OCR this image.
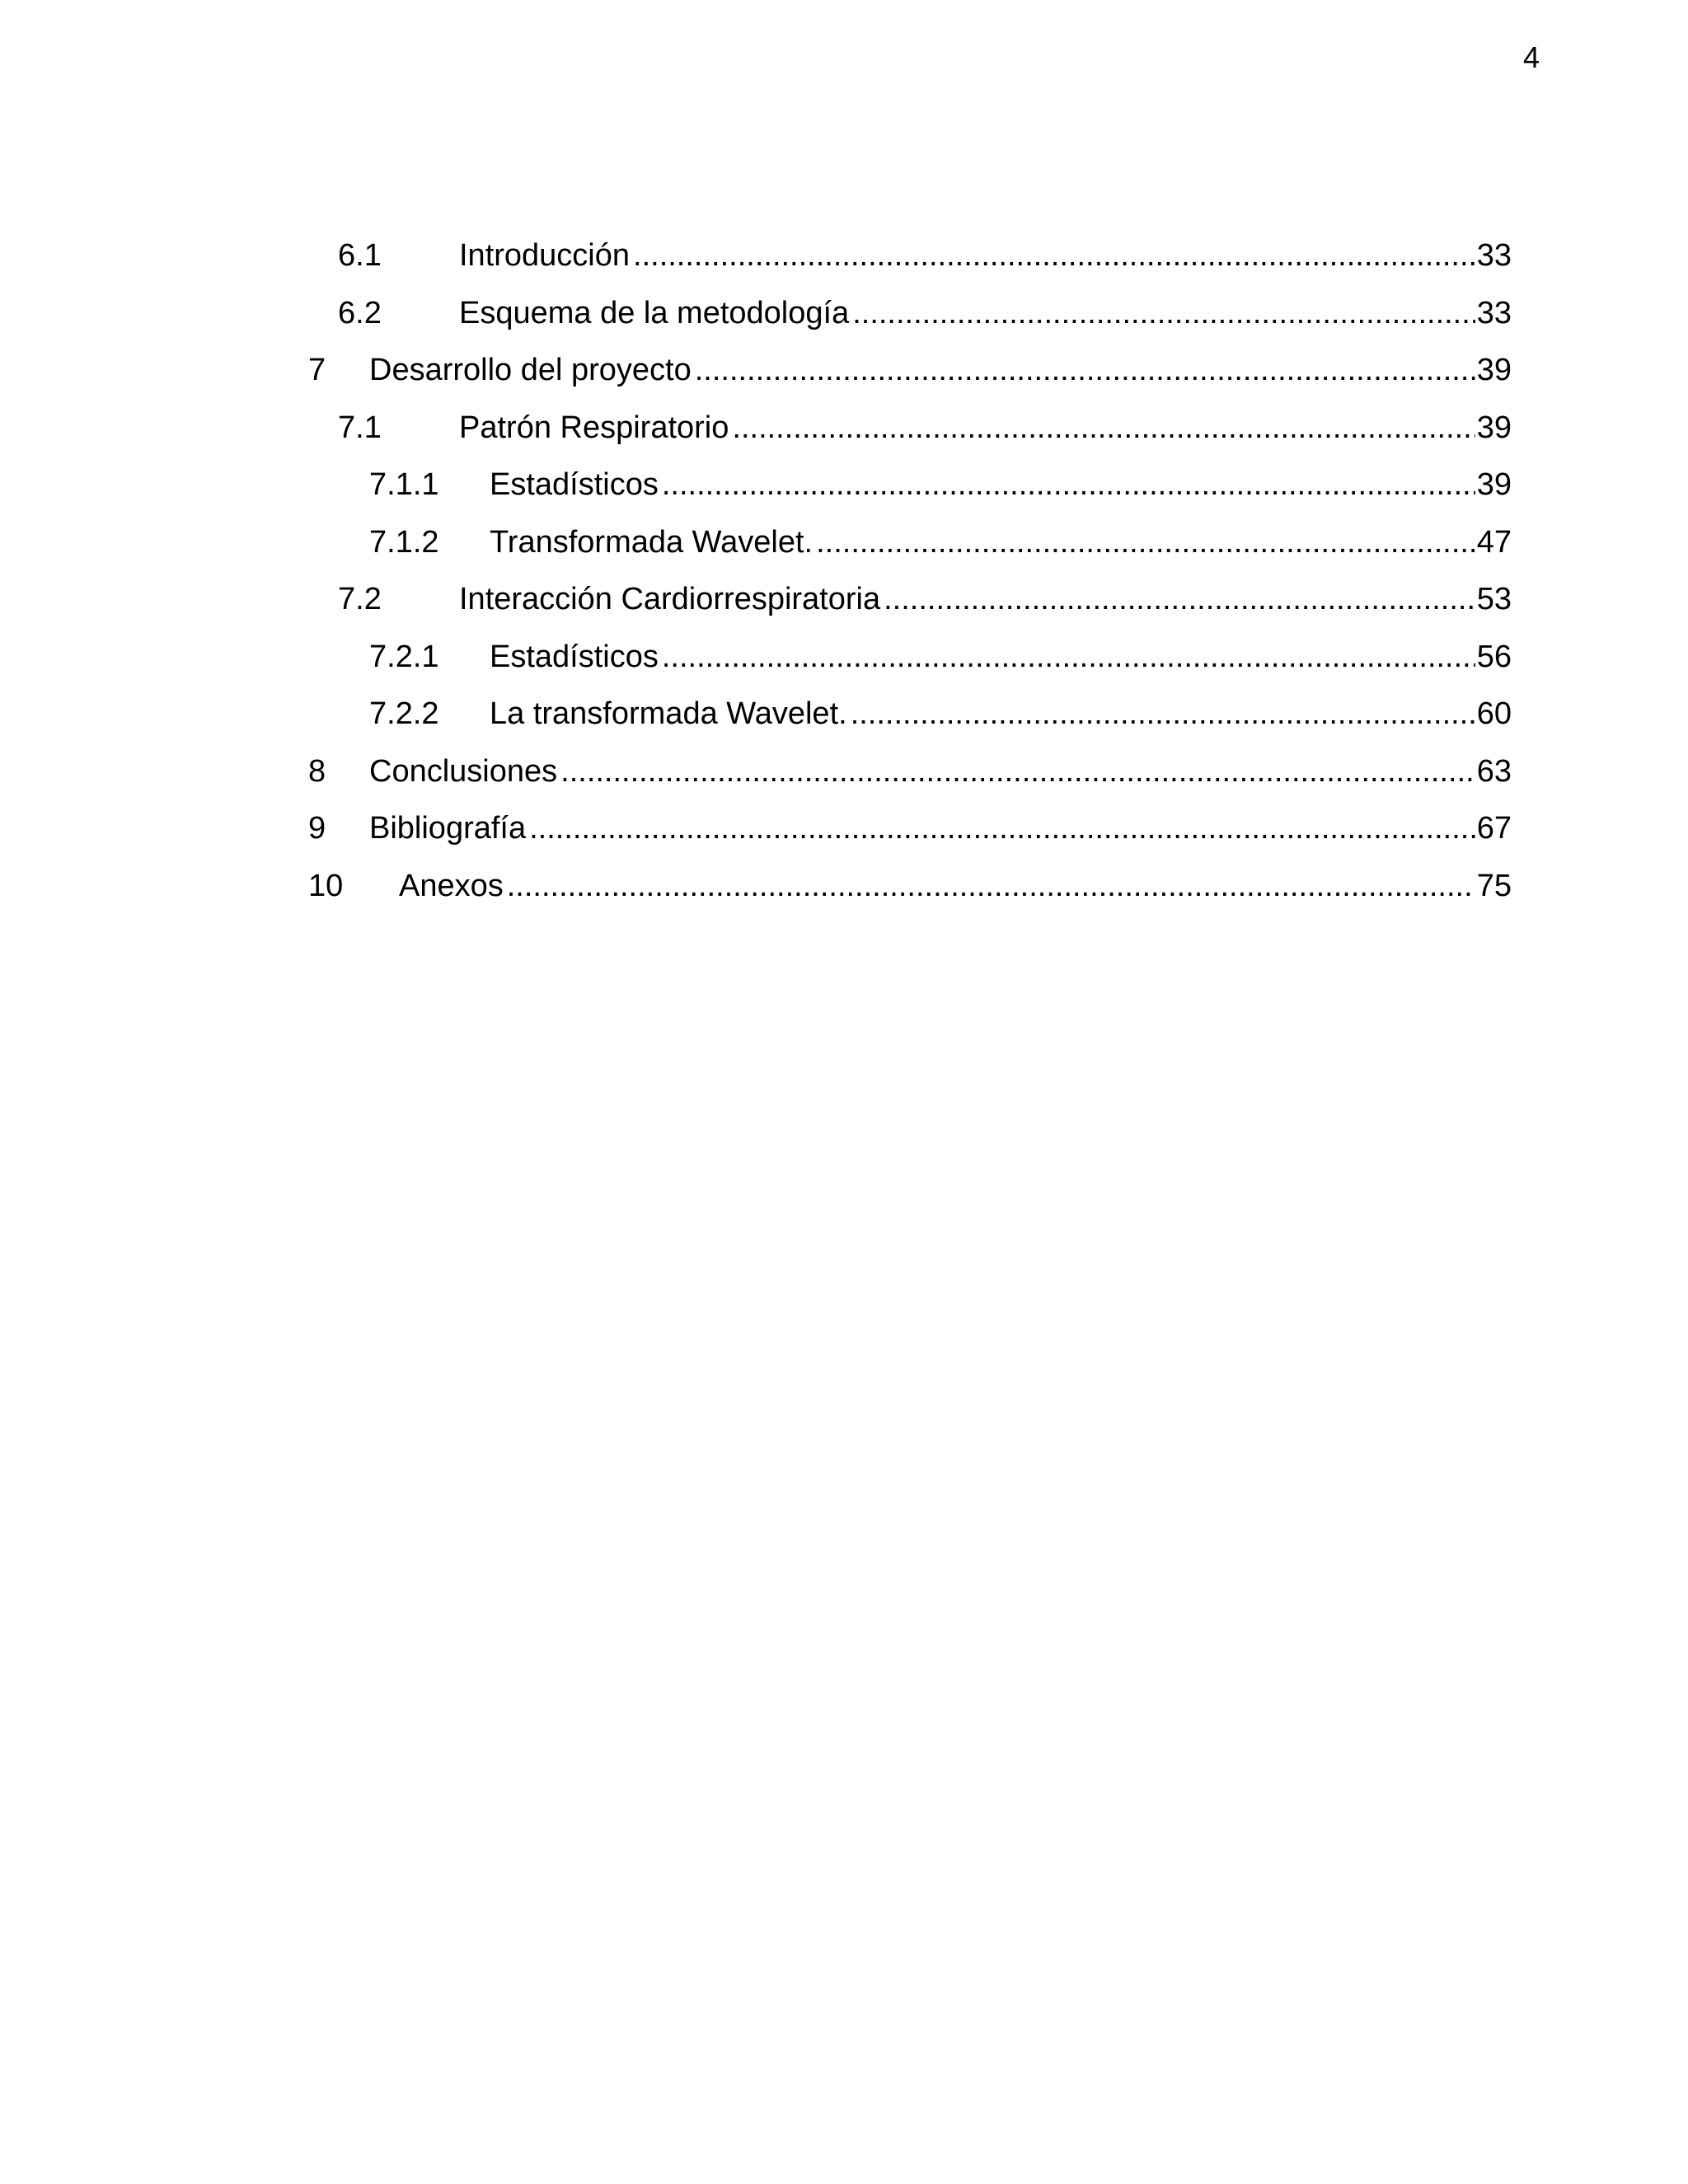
4
6.1 Introducción .....	33
6.2 Esquema de la metodología .....	33
7 Desarrollo del proyecto .....	39
7.1 Patrón Respiratorio .....	39
7.1.1 Estadísticos .....	39
7.1.2 Transformada Wavelet. .....	47
7.2 Interacción Cardiorrespiratoria .....	53
7.2.1 Estadísticos .....	56
7.2.2 La transformada Wavelet. .....	60
8 Conclusiones .....	63
9 Bibliografía .....	67
10 Anexos .....	75
